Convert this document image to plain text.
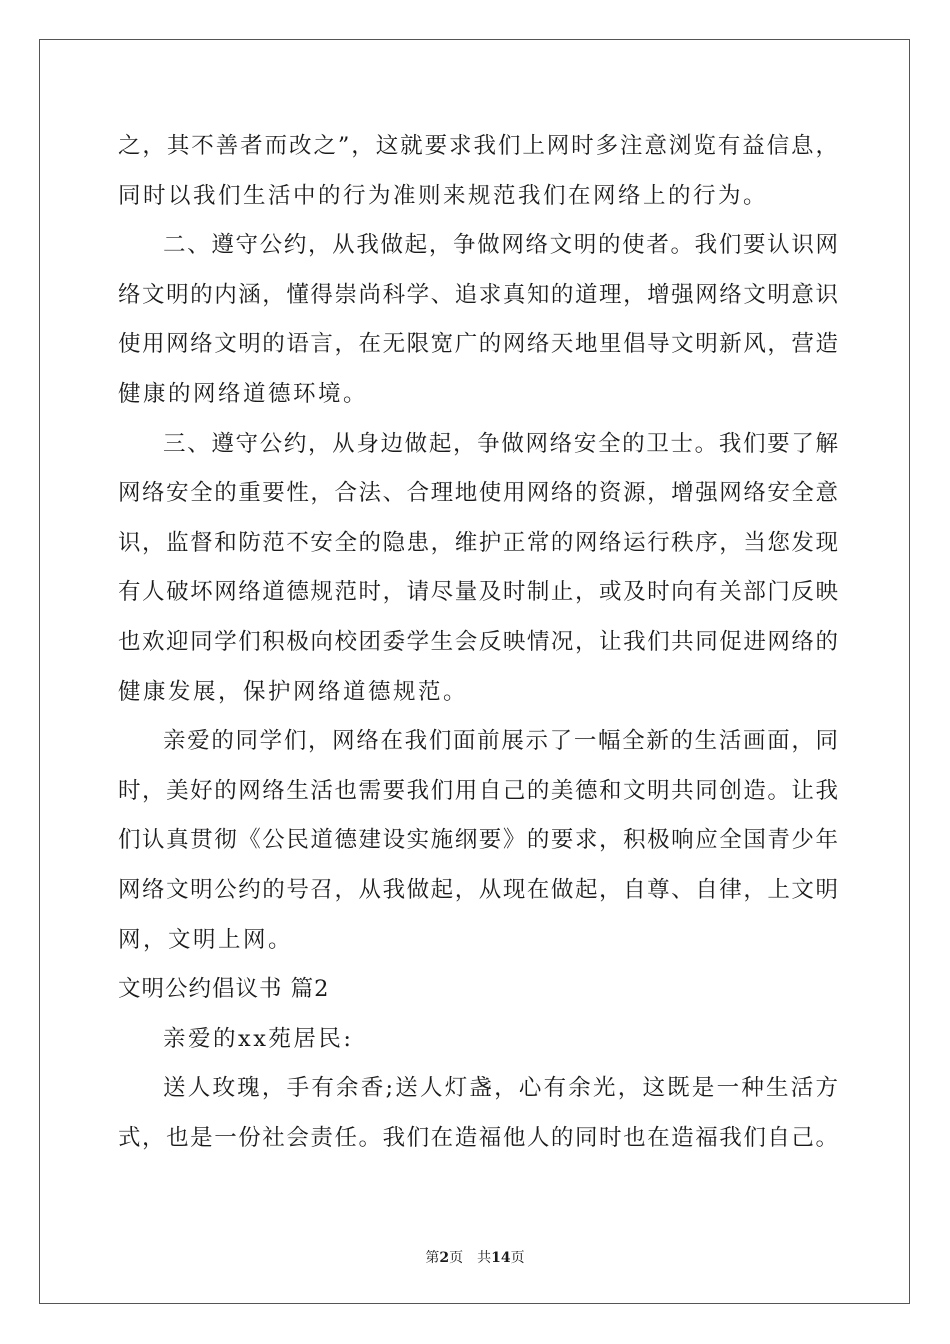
之，其不善者而改之”，这就要求我们上网时多注意浏览有益信息，
同时以我们生活中的行为准则来规范我们在网络上的行为。
二、遵守公约，从我做起，争做网络文明的使者。我们要认识网
络文明的内涵，懂得崇尚科学、追求真知的道理，增强网络文明意识
使用网络文明的语言，在无限宽广的网络天地里倡导文明新风，营造
健康的网络道德环境。
三、遵守公约，从身边做起，争做网络安全的卫士。我们要了解
网络安全的重要性，合法、合理地使用网络的资源，增强网络安全意
识，监督和防范不安全的隐患，维护正常的网络运行秩序，当您发现
有人破坏网络道德规范时，请尽量及时制止，或及时向有关部门反映
也欢迎同学们积极向校团委学生会反映情况，让我们共同促进网络的
健康发展，保护网络道德规范。
亲爱的同学们，网络在我们面前展示了一幅全新的生活画面，同
时，美好的网络生活也需要我们用自己的美德和文明共同创造。让我
们认真贯彻《公民道德建设实施纲要》的要求，积极响应全国青少年
网络文明公约的号召，从我做起，从现在做起，自尊、自律，上文明
网，文明上网。
文明公约倡议书 篇2
亲爱的xx苑居民:
送人玫瑰，手有余香;送人灯盏，心有余光，这既是一种生活方
式，也是一份社会责任。我们在造福他人的同时也在造福我们自己。
第2页 共14页
